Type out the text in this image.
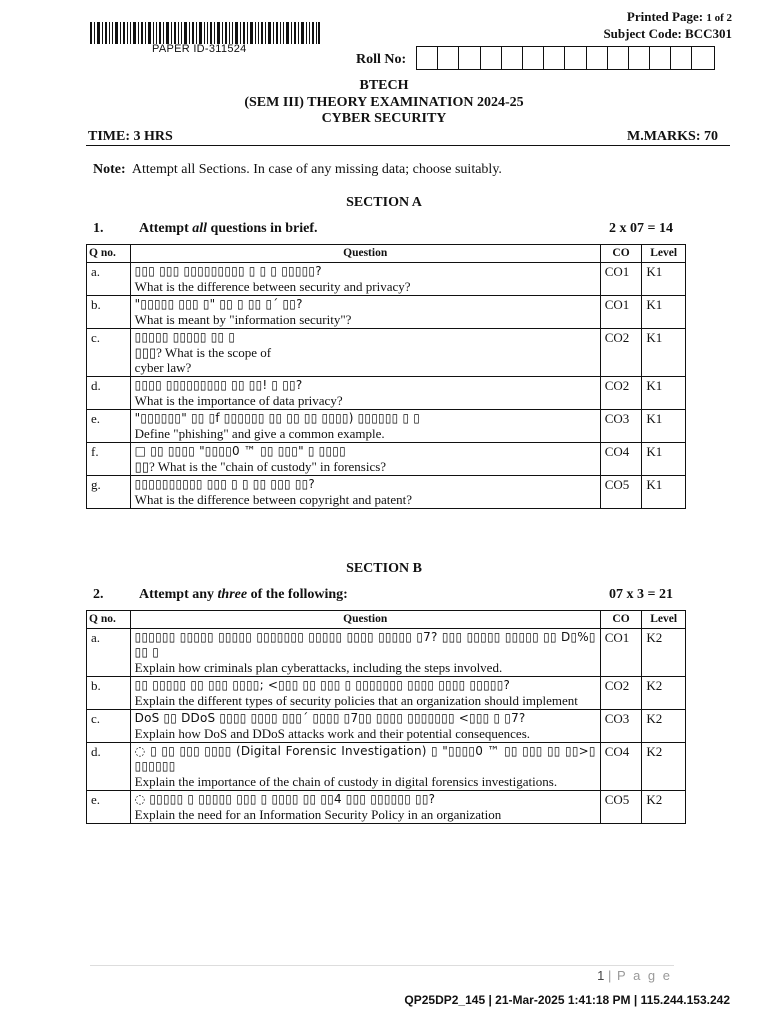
PAPER ID-311524
Printed Page: 1 of 2
Subject Code: BCC301
Roll No:
BTECH
(SEM III) THEORY EXAMINATION 2024-25
CYBER SECURITY
TIME: 3 HRS	M.MARKS: 70
Note: Attempt all Sections. In case of any missing data; choose suitably.
SECTION A
1.	Attempt all questions in brief.	2 x 07 = 14
Q no.	Question	CO	Level
a.	▯▯▯ ▯▯▯ ▯▯▯▯▯▯▯▯▯ ▯ ▯ ▯ ▯▯▯▯▯?
What is the difference between security and privacy?	CO1	K1
b.	"▯▯▯▯▯ ▯▯▯ ▯" ▯▯ ▯ ▯▯ ▯´ ▯▯?
What is meant by "information security"?	CO1	K1
c.	▯▯▯▯▯ ▯▯▯▯▯ ▯▯ ▯
▯▯▯? What is the scope of cyber law?	CO2	K1
d.	▯▯▯▯ ▯▯▯▯▯▯▯▯▯ ▯▯ ▯▯! ▯ ▯▯?
What is the importance of data privacy?	CO2	K1
e.	"▯▯▯▯▯▯" ▯▯ ▯f ▯▯▯▯▯▯ ▯▯ ▯▯ ▯▯ ▯▯▯▯) ▯▯▯▯▯▯ ▯ ▯
Define "phishing" and give a common example.	CO3	K1
f.	□ ▯▯ ▯▯▯▯ "▯▯▯▯0 ™ ▯▯ ▯▯▯" ▯ ▯▯▯▯
▯▯? What is the "chain of custody" in forensics?	CO4	K1
g.	▯▯▯▯▯▯▯▯▯▯ ▯▯▯ ▯ ▯ ▯▯ ▯▯▯ ▯▯?
What is the difference between copyright and patent?	CO5	K1
SECTION B
2.	Attempt any three of the following:	07 x 3 = 21
Q no.	Question	CO	Level
a.	▯▯▯▯▯▯ ▯▯▯▯▯ ▯▯▯▯▯ ▯▯▯▯▯▯▯ ▯▯▯▯▯ ▯▯▯▯ ▯▯▯▯▯ ▯7? ▯▯▯ ▯▯▯▯▯ ▯▯▯▯▯ ▯▯ D▯%▯ ▯▯ ▯
Explain how criminals plan cyberattacks, including the steps involved.	CO1	K2
b.	▯▯ ▯▯▯▯▯ ▯▯ ▯▯▯ ▯▯▯▯; <▯▯▯ ▯▯ ▯▯▯ ▯ ▯▯▯▯▯▯▯ ▯▯▯▯ ▯▯▯▯ ▯▯▯▯▯?
Explain the different types of security policies that an organization should implement	CO2	K2
c.	DoS ▯▯ DDoS ▯▯▯▯ ▯▯▯▯ ▯▯▯´ ▯▯▯▯ ▯7▯▯ ▯▯▯▯ ▯▯▯▯▯▯▯ <▯▯▯ ▯ ▯7?
Explain how DoS and DDoS attacks work and their potential consequences.	CO3	K2
d.	◌ ▯ ▯▯ ▯▯▯ ▯▯▯▯ (Digital Forensic Investigation) ▯ "▯▯▯▯0 ™ ▯▯ ▯▯▯ ▯▯ ▯▯>▯ ▯▯▯▯▯▯
Explain the importance of the chain of custody in digital forensics investigations.	CO4	K2
e.	◌ ▯▯▯▯▯ ▯ ▯▯▯▯▯ ▯▯▯ ▯ ▯▯▯▯ ▯▯ ▯▯4 ▯▯▯ ▯▯▯▯▯▯ ▯▯?
Explain the need for an Information Security Policy in an organization	CO5	K2
1 | P a g e
QP25DP2_145 | 21-Mar-2025 1:41:18 PM | 115.244.153.242
